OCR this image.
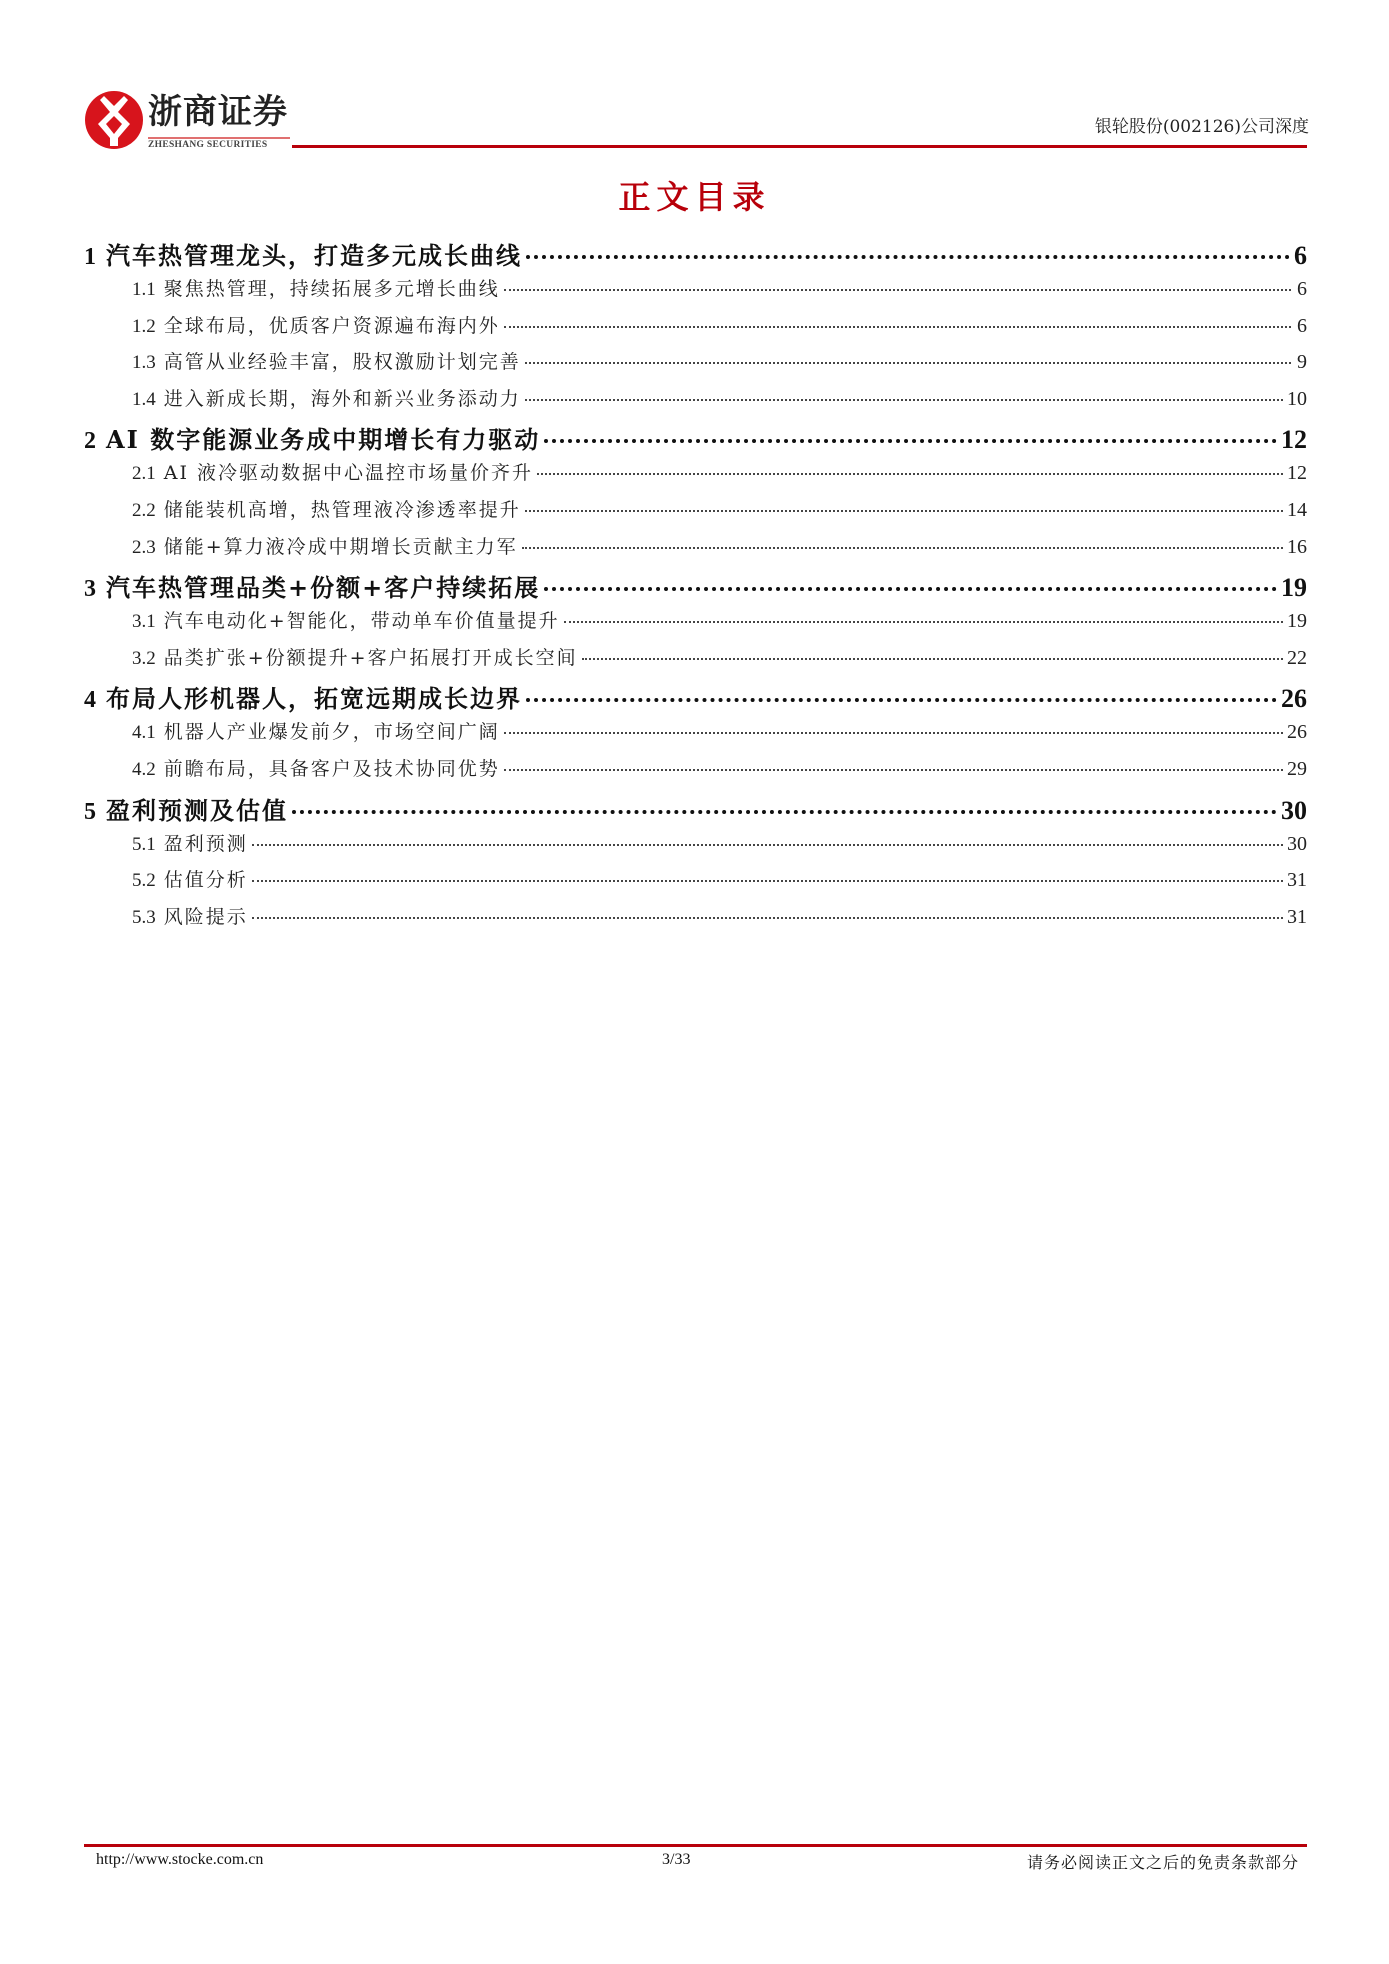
浙商证券
ZHESHANG SECURITIES
银轮股份(002126)公司深度
正文目录
1 汽车热管理龙头，打造多元成长曲线	6
1.1 聚焦热管理，持续拓展多元增长曲线	6
1.2 全球布局，优质客户资源遍布海内外	6
1.3 高管从业经验丰富，股权激励计划完善	9
1.4 进入新成长期，海外和新兴业务添动力	10
2 AI 数字能源业务成中期增长有力驱动	12
2.1 AI 液冷驱动数据中心温控市场量价齐升	12
2.2 储能装机高增，热管理液冷渗透率提升	14
2.3 储能+算力液冷成中期增长贡献主力军	16
3 汽车热管理品类+份额+客户持续拓展	19
3.1 汽车电动化+智能化，带动单车价值量提升	19
3.2 品类扩张+份额提升+客户拓展打开成长空间	22
4 布局人形机器人，拓宽远期成长边界	26
4.1 机器人产业爆发前夕，市场空间广阔	26
4.2 前瞻布局，具备客户及技术协同优势	29
5 盈利预测及估值	30
5.1 盈利预测	30
5.2 估值分析	31
5.3 风险提示	31
http://www.stocke.com.cn	3/33	请务必阅读正文之后的免责条款部分
